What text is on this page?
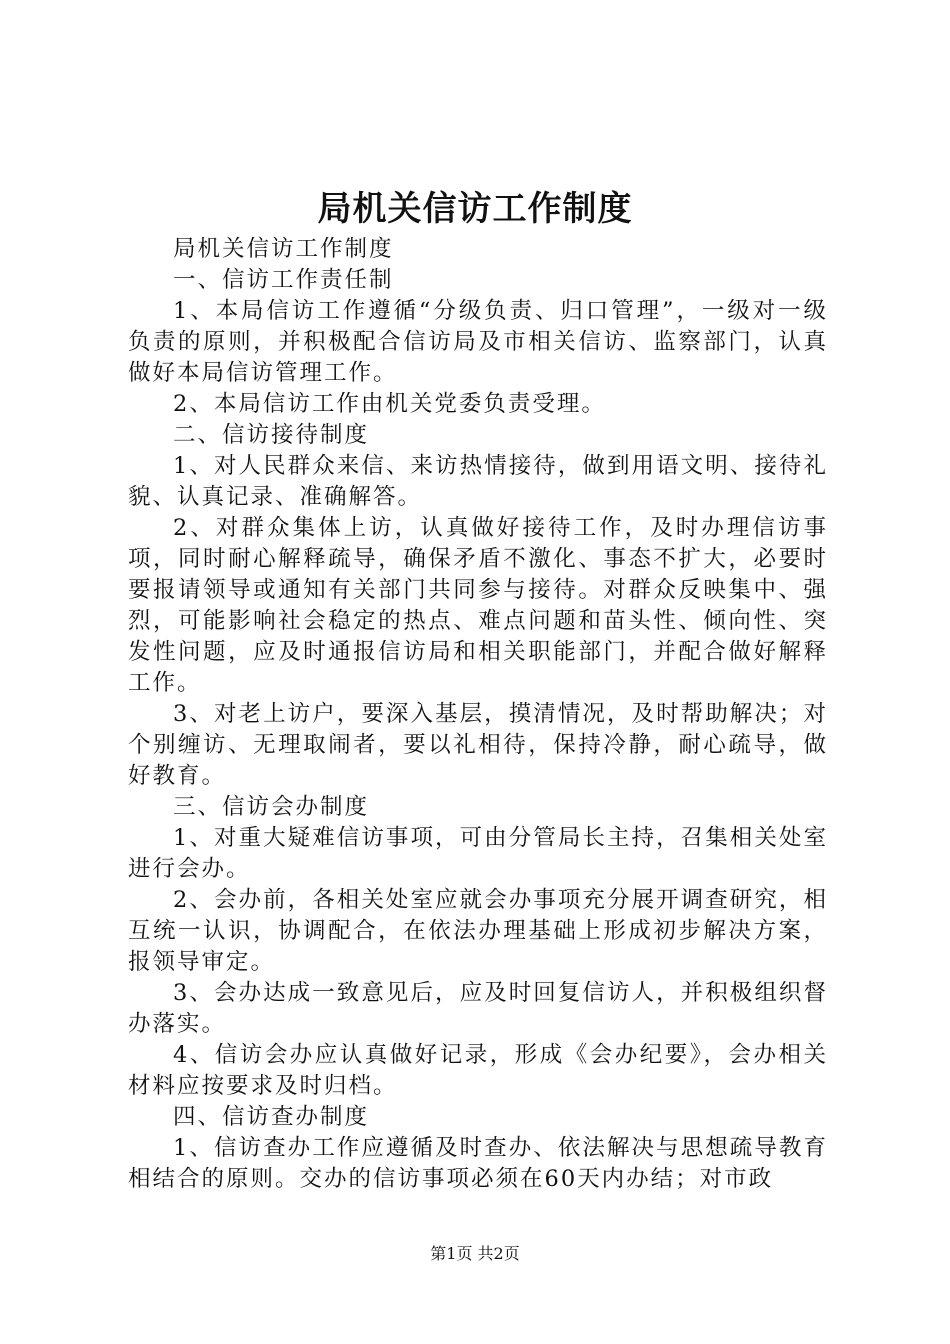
局机关信访工作制度

局机关信访工作制度

一、信访工作责任制

1、本局信访工作遵循“分级负责、归口管理”，一级对一级负责的原则，并积极配合信访局及市相关信访、监察部门，认真做好本局信访管理工作。

2、本局信访工作由机关党委负责受理。

二、信访接待制度

1、对人民群众来信、来访热情接待，做到用语文明、接待礼貌、认真记录、准确解答。

2、对群众集体上访，认真做好接待工作，及时办理信访事项，同时耐心解释疏导，确保矛盾不激化、事态不扩大，必要时要报请领导或通知有关部门共同参与接待。对群众反映集中、强烈，可能影响社会稳定的热点、难点问题和苗头性、倾向性、突发性问题，应及时通报信访局和相关职能部门，并配合做好解释工作。

3、对老上访户，要深入基层，摸清情况，及时帮助解决；对个别缠访、无理取闹者，要以礼相待，保持冷静，耐心疏导，做好教育。

三、信访会办制度

1、对重大疑难信访事项，可由分管局长主持，召集相关处室进行会办。

2、会办前，各相关处室应就会办事项充分展开调查研究，相互统一认识，协调配合，在依法办理基础上形成初步解决方案，报领导审定。

3、会办达成一致意见后，应及时回复信访人，并积极组织督办落实。

4、信访会办应认真做好记录，形成《会办纪要》，会办相关材料应按要求及时归档。

四、信访查办制度

1、信访查办工作应遵循及时查办、依法解决与思想疏导教育相结合的原则。交办的信访事项必须在60天内办结；对市政

第1页 共2页
